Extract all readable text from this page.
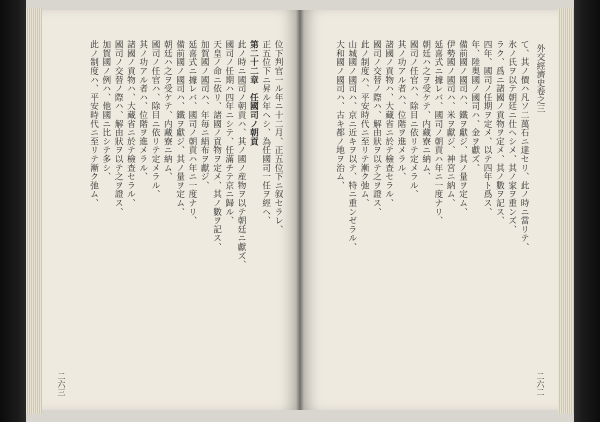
位下判官一ル年ニ十二月、正五位下ニ叙セラレ、

正五位下ニ昇ル年ヘシ、為任國司一任ヲ經ヘ、

第二十二章　任國司ノ朝貢

此ノ時ニ國司ノ朝貢ハ、其ノ國ノ産物ヲ以テ朝廷ニ獻ズ、

國司ノ任期ハ四年ニシテ、任滿チテ京ニ歸ル、

天皇ノ命ニ依リ、諸國ノ貢物ヲ定メ、其ノ數ヲ記ス、

加賀國ノ國司ハ、年毎ニ絹布ヲ獻ジ、

延喜式ニ據レバ、國司ノ朝貢ハ年ニ一度ナリ、

備前國ノ國司ハ、鐵ヲ獻ジ、其ノ量ヲ定ム、

朝廷ハ之ヲ受ケテ、内藏寮ニ納ム、

國司ノ任官ハ、除目ニ依リテ定メラル、

其ノ功アル者ハ、位階ヲ進メラル、

諸國ノ貢物ハ、大藏省ニ於テ檢查セラル、

國司ノ交替ノ際ハ、解由狀ヲ以テ之ヲ證ス、

加賀國ノ例ハ、他國ニ比シテ多シ、

此ノ制度ハ、平安時代ニ至リテ漸ク弛ム、

二六三
外交經濟史卷之三

て、其ノ價ハ凡ソ二萬石ニ達セリ、此ノ時ニ當リテ、

氷ノ氏ヲ以テ朝廷ニ仕ヘシメ、其ノ家ヲ重ンズ、

ラク、爲ニ諸國ノ貢物ヲ定メ、其ノ數ヲ記ス、

四年、國司ノ任期ヲ定メ、以テ四年ト爲ス、

年、陸奥國ノ國司ハ、金ヲ獻ズ、

備前國ノ國司ハ、鐵ヲ獻ジ、其ノ量ヲ定ム、

伊勢國ノ國司ハ、米ヲ獻ジ、神宮ニ納ム、

延喜式ニ據レバ、國司ノ朝貢ハ年ニ一度ナリ、

朝廷ハ之ヲ受ケテ、内藏寮ニ納ム、

國司ノ任官ハ、除目ニ依リテ定メラル、

其ノ功アル者ハ、位階ヲ進メラル、

諸國ノ貢物ハ、大藏省ニ於テ檢查セラル、

國司ノ交替ノ際ハ、解由狀ヲ以テ之ヲ證ス、

此ノ制度ハ、平安時代ニ至リテ漸ク弛ム、

山城國ノ國司ハ、京ニ近キヲ以テ、特ニ重ンゼラル、

大和國ノ國司ハ、古キ都ノ地ヲ治ム、

二六二
